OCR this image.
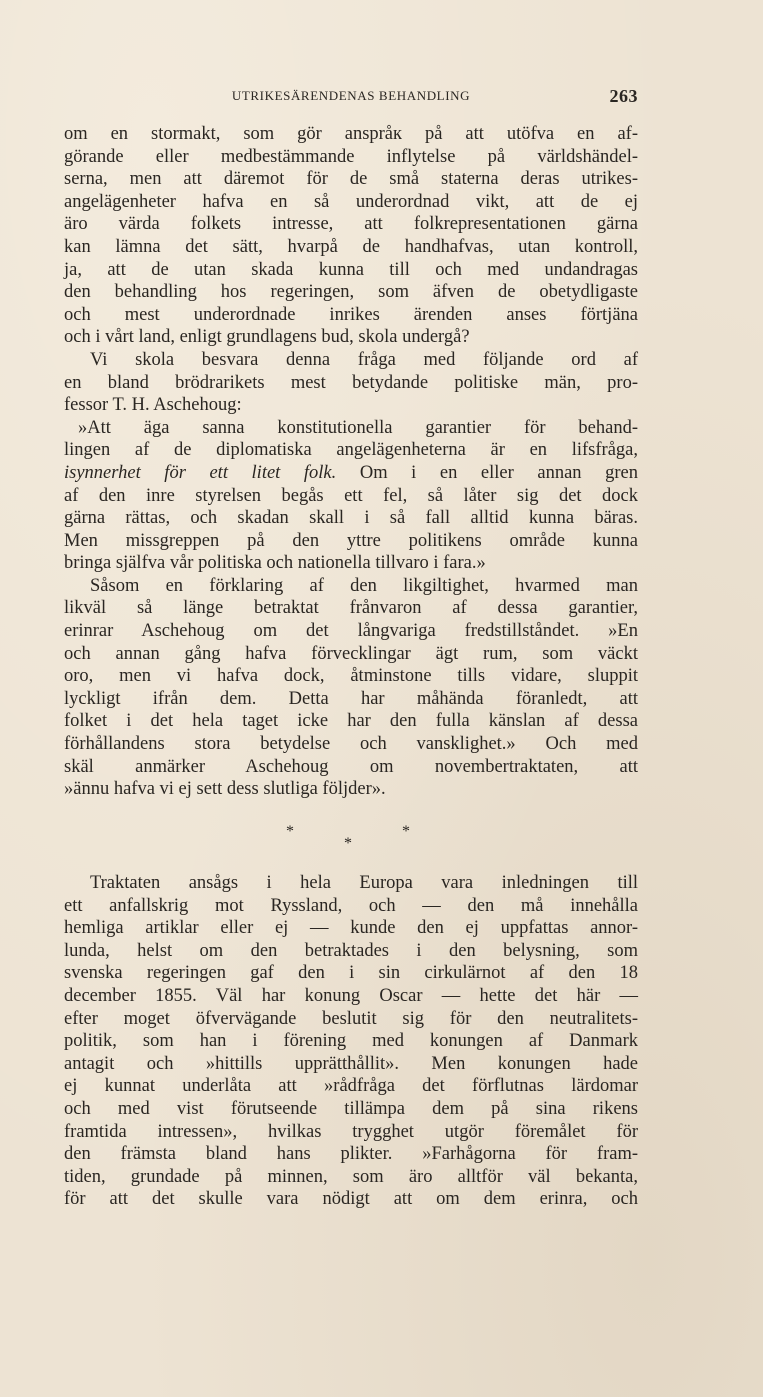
UTRIKESÄRENDENAS BEHANDLING	263
om en stormakt, som gör anspråк på att utöfva en af-
görande eller medbestämmande inflytelse på världshändel-
serna, men att däremot för de små staterna deras utrikes-
angelägenheter hafva en så underordnad vikt, att de ej
äro värda folkets intresse, att folkrepresentationen gärna
kan lämna det sätt, hvarpå de handhafvas, utan kontroll,
ja, att de utan skada kunna till och med undandragas
den behandling hos regeringen, som äfven de obetydligaste
och mest underordnade inrikes ärenden anses förtjäna
och i vårt land, enligt grundlagens bud, skola undergå?
Vi skola besvara denna fråga med följande ord af
en bland brödrarikets mest betydande politiske män, pro-
fessor T. H. Aschehoug:
»Att äga sanna konstitutionella garantier för behand-
lingen af de diplomatiska angelägenheterna är en lifsfråga,
isynnerhet för ett litet folk. Om i en eller annan gren
af den inre styrelsen begås ett fel, så låter sig det dock
gärna rättas, och skadan skall i så fall alltid kunna bäras.
Men missgreppen på den yttre politikens område kunna
bringa själfva vår politiska och nationella tillvaro i fara.»
Såsom en förklaring af den likgiltighet, hvarmed man
likväl så länge betraktat frånvaron af dessa garantier,
erinrar Aschehoug om det långvariga fredstillståndet. »En
och annan gång hafva förvecklingar ägt rum, som väckt
oro, men vi hafva dock, åtminstone tills vidare, sluppit
lyckligt ifrån dem. Detta har måhända föranledt, att
folket i det hela taget icke har den fulla känslan af dessa
förhållandens stora betydelse och vansklighet.» Och med
skäl anmärker Aschehoug om novembertraktaten, att
»ännu hafva vi ej sett dess slutliga följder».
*	*
*
Traktaten ansågs i hela Europa vara inledningen till
ett anfallskrig mot Ryssland, och — den må innehålla
hemliga artiklar eller ej — kunde den ej uppfattas annor-
lunda, helst om den betraktades i den belysning, som
svenska regeringen gaf den i sin cirkulärnot af den 18
december 1855. Väl har konung Oscar — hette det här —
efter moget öfvervägande beslutit sig för den neutralitets-
politik, som han i förening med konungen af Danmark
antagit och »hittills upprätthållit». Men konungen hade
ej kunnat underlåta att »rådfråga det förflutnas lärdomar
och med vist förutseende tillämpa dem på sina rikens
framtida intressen», hvilkas trygghet utgör föremålet för
den främsta bland hans plikter. »Farhågorna för fram-
tiden, grundade på minnen, som äro alltför väl bekanta,
för att det skulle vara nödigt att om dem erinra, och
